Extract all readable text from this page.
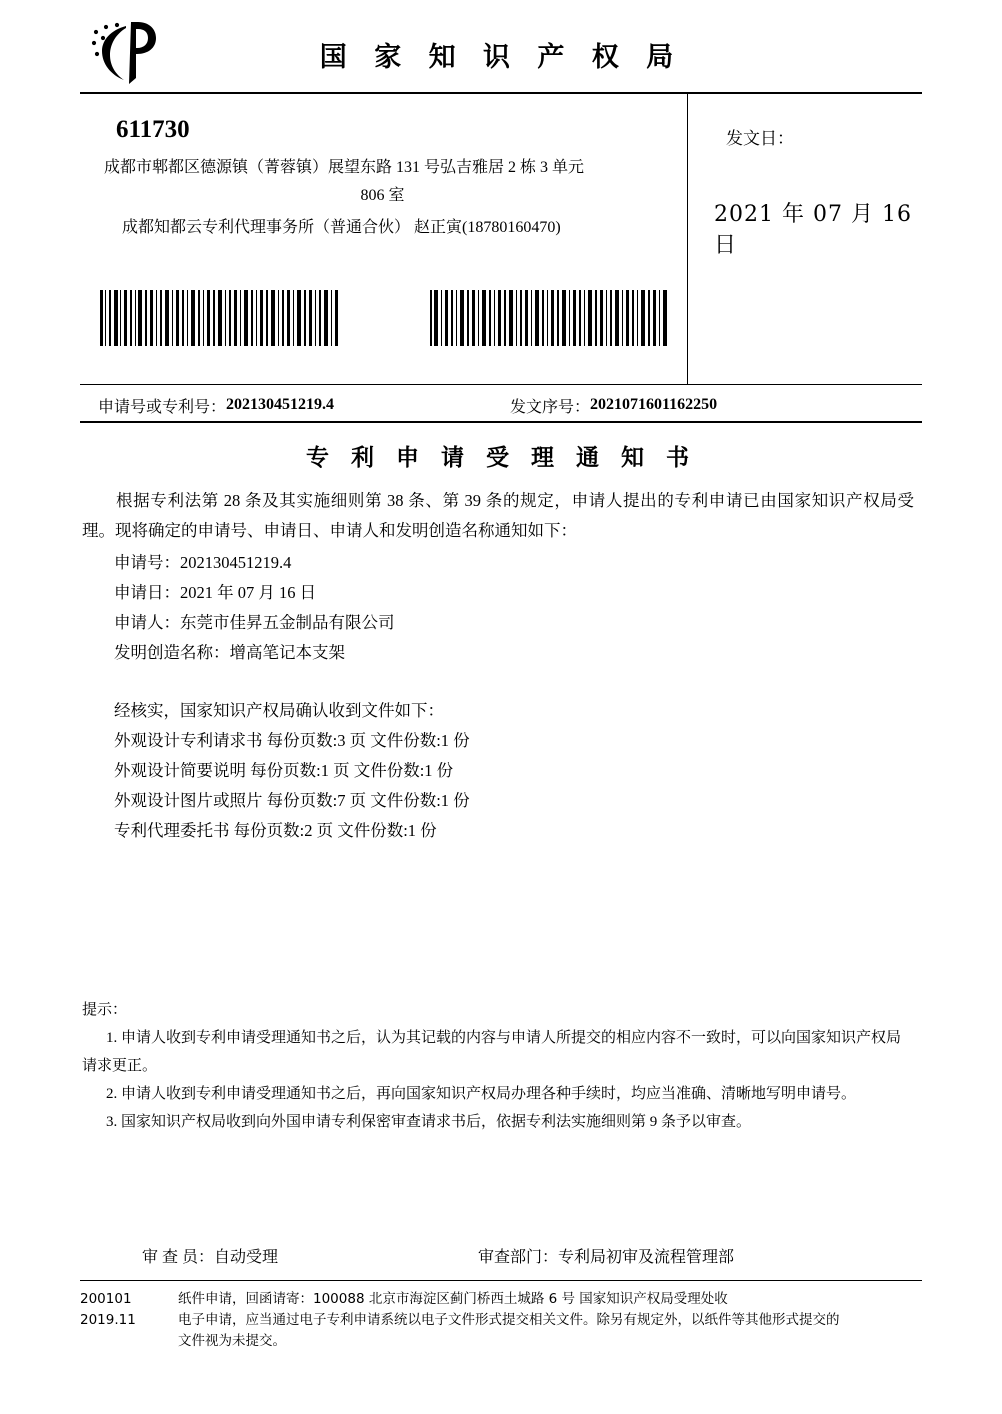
国 家 知 识 产 权 局
611730
成都市郫都区德源镇（菁蓉镇）展望东路 131 号弘吉雅居 2 栋 3 单元
806 室
成都知都云专利代理事务所（普通合伙） 赵正寅(18780160470)
发文日：
2021 年 07 月 16 日
申请号或专利号： 202130451219.4	发文序号： 2021071601162250
专 利 申 请 受 理 通 知 书
根据专利法第 28 条及其实施细则第 38 条、第 39 条的规定，申请人提出的专利申请已由国家知识产权局受理。现将确定的申请号、申请日、申请人和发明创造名称通知如下：
申请号：202130451219.4
申请日：2021 年 07 月 16 日
申请人：东莞市佳昇五金制品有限公司
发明创造名称：增高笔记本支架
经核实，国家知识产权局确认收到文件如下：
外观设计专利请求书 每份页数:3 页 文件份数:1 份
外观设计简要说明 每份页数:1 页 文件份数:1 份
外观设计图片或照片 每份页数:7 页 文件份数:1 份
专利代理委托书 每份页数:2 页 文件份数:1 份
提示：
1. 申请人收到专利申请受理通知书之后，认为其记载的内容与申请人所提交的相应内容不一致时，可以向国家知识产权局
请求更正。
2. 申请人收到专利申请受理通知书之后，再向国家知识产权局办理各种手续时，均应当准确、清晰地写明申请号。
3. 国家知识产权局收到向外国申请专利保密审查请求书后，依据专利法实施细则第 9 条予以审查。
审 查 员： 自动受理	审查部门： 专利局初审及流程管理部
200101
2019.11
纸件申请，回函请寄：100088 北京市海淀区蓟门桥西土城路 6 号 国家知识产权局受理处收
电子申请，应当通过电子专利申请系统以电子文件形式提交相关文件。除另有规定外，以纸件等其他形式提交的
文件视为未提交。
